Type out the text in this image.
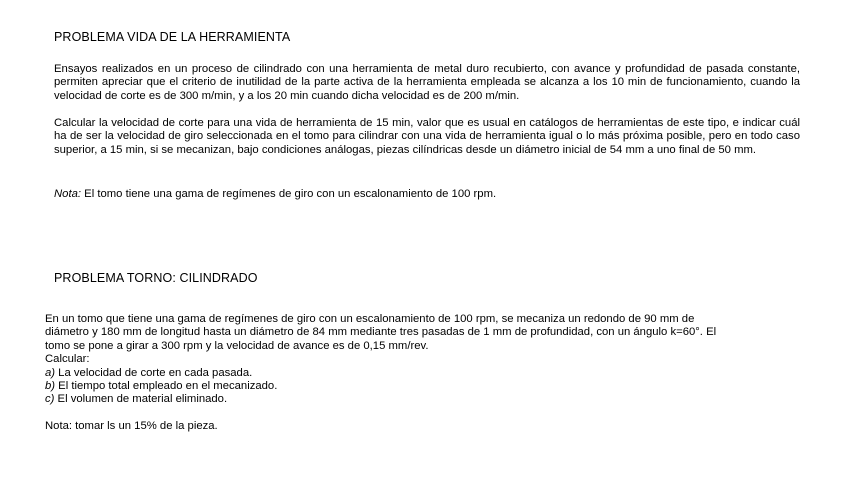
PROBLEMA VIDA DE LA HERRAMIENTA

Ensayos realizados en un proceso de cilindrado con una herramienta de metal duro recubierto, con avance y profundidad de pasada constante, permiten apreciar que el criterio de inutilidad de la parte activa de la herramienta empleada se alcanza a los 10 min de funcionamiento, cuando la velocidad de corte es de 300 m/min, y a los 20 min cuando dicha velocidad es de 200 m/min.

Calcular la velocidad de corte para una vida de herramienta de 15 min, valor que es usual en catálogos de herramientas de este tipo, e indicar cuál ha de ser la velocidad de giro seleccionada en el tomo para cilindrar con una vida de herramienta igual o lo más próxima posible, pero en todo caso superior, a 15 min, si se mecanizan, bajo condiciones análogas, piezas cilíndricas desde un diámetro inicial de 54 mm a uno final de 50 mm.

Nota: El tomo tiene una gama de regímenes de giro con un escalonamiento de 100 rpm.

PROBLEMA TORNO: CILINDRADO
En un tomo que tiene una gama de regímenes de giro con un escalonamiento de 100 rpm, se mecaniza un redondo de 90 mm de
diámetro y 180 mm de longitud hasta un diámetro de 84 mm mediante tres pasadas de 1 mm de profundidad, con un ángulo k=60°. El
tomo se pone a girar a 300 rpm y la velocidad de avance es de 0,15 mm/rev.
Calcular:
a) La velocidad de corte en cada pasada.
b) El tiempo total empleado en el mecanizado.
c) El volumen de material eliminado.

Nota: tomar ls un 15% de la pieza.
